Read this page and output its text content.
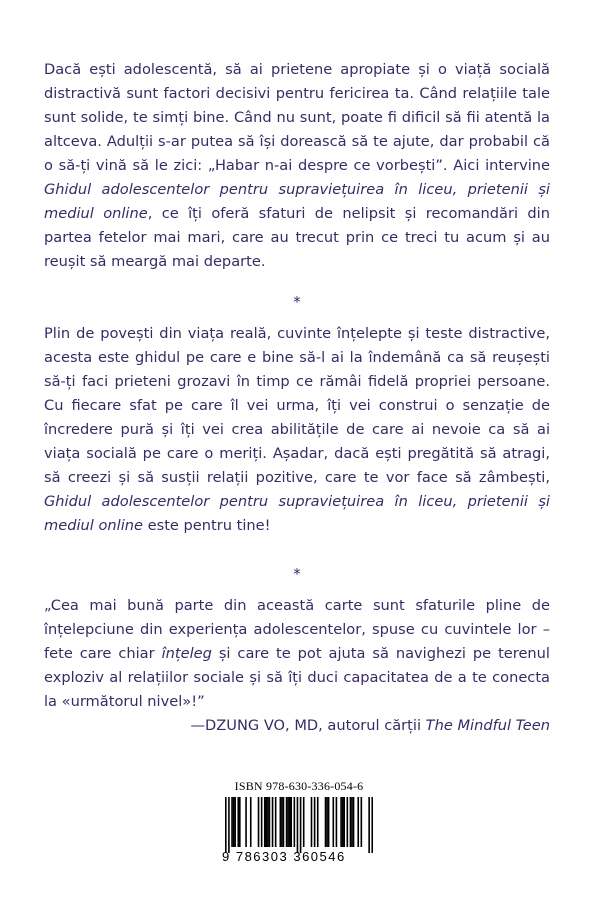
Dacă ești adolescentă, să ai prietene apropiate și o viață socială distractivă sunt factori decisivi pentru fericirea ta. Când relațiile tale sunt solide, te simți bine. Când nu sunt, poate fi dificil să fii atentă la altceva. Adulții s-ar putea să își dorească să te ajute, dar probabil că o să-ți vină să le zici: „Habar n-ai despre ce vorbești”. Aici intervine Ghidul adolescentelor pentru supraviețuirea în liceu, prietenii și mediul online, ce îți oferă sfaturi de nelipsit și recomandări din partea fetelor mai mari, care au trecut prin ce treci tu acum și au reușit să meargă mai departe.

*

Plin de povești din viața reală, cuvinte înțelepte și teste distractive, acesta este ghidul pe care e bine să-l ai la îndemână ca să reușești să-ți faci prieteni grozavi în timp ce rămâi fidelă propriei persoane. Cu fiecare sfat pe care îl vei urma, îți vei construi o senzație de încredere pură și îți vei crea abilitățile de care ai nevoie ca să ai viața socială pe care o meriți. Așadar, dacă ești pregătită să atragi, să creezi și să susții relații pozitive, care te vor face să zâmbești, Ghidul adolescentelor pentru supraviețuirea în liceu, prietenii și mediul online este pentru tine!

*

„Cea mai bună parte din această carte sunt sfaturile pline de înțelepciune din experiența adolescentelor, spuse cu cuvintele lor – fete care chiar înțeleg și care te pot ajuta să navighezi pe terenul exploziv al relațiilor sociale și să îți duci capacitatea de a te conecta la «următorul nivel»!”

—DZUNG VO, MD, autorul cărții The Mindful Teen
ISBN 978-630-336-054-6
9 786303 360546
